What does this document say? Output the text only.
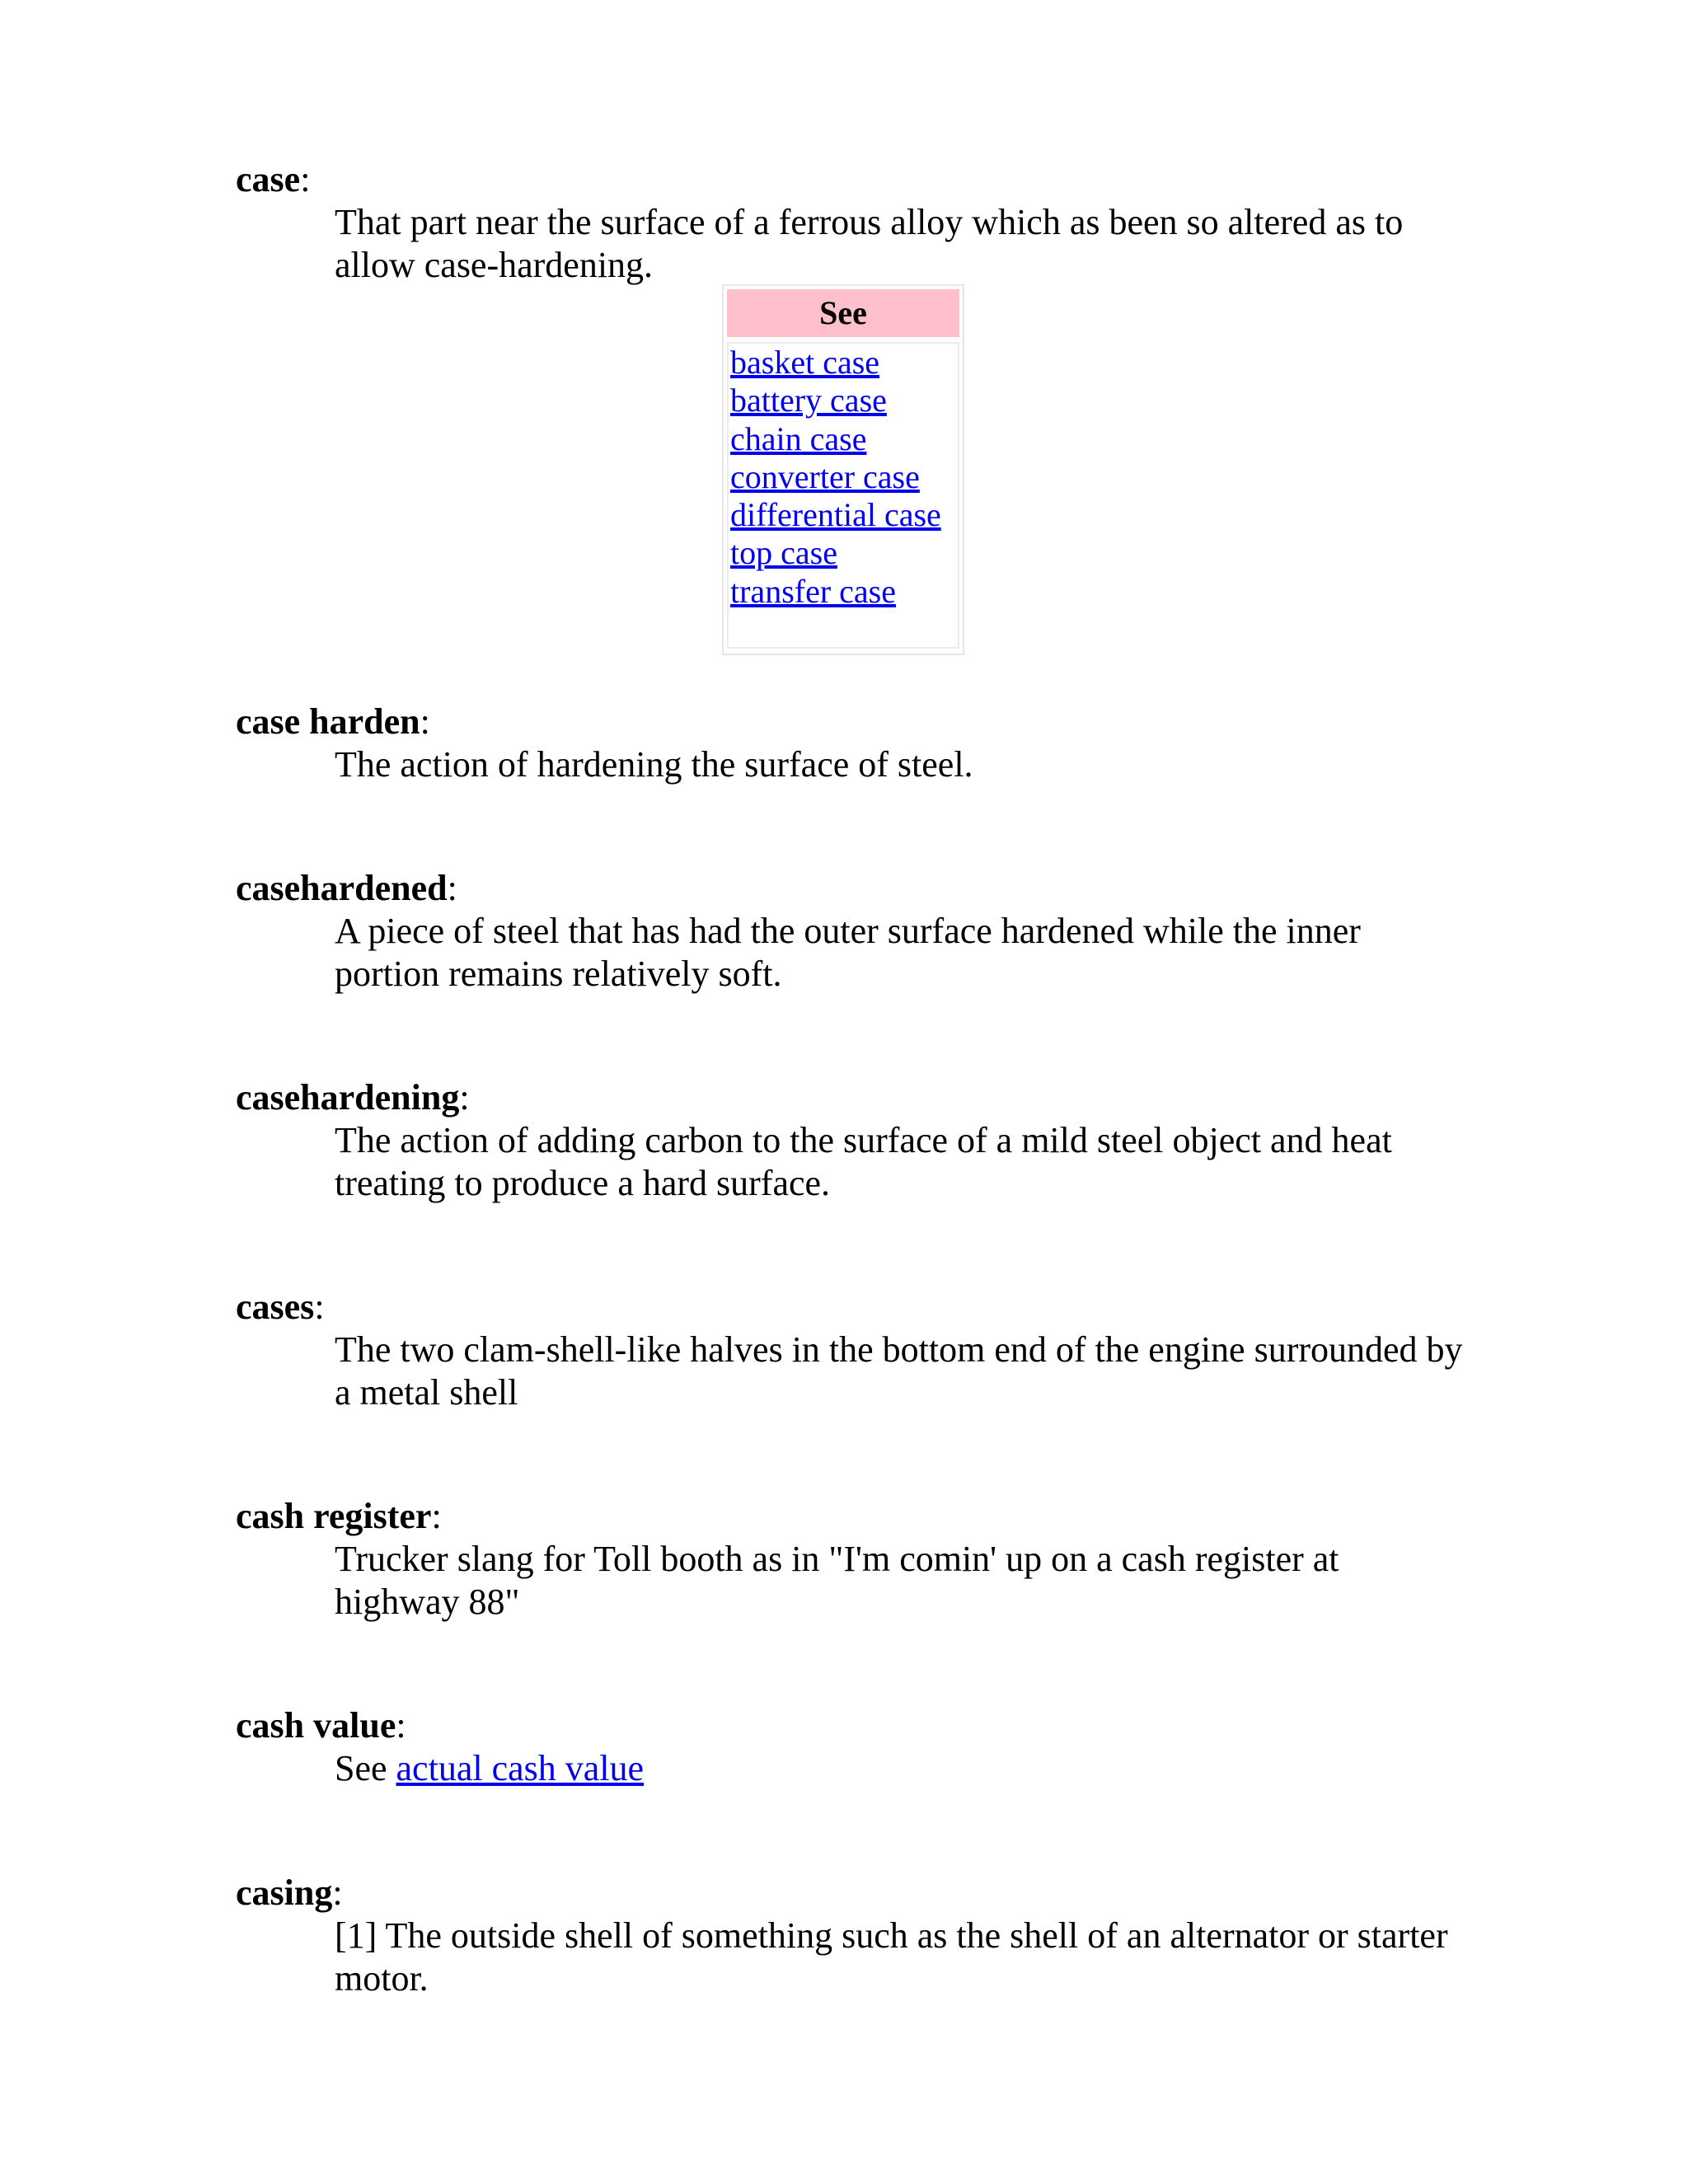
case:
That part near the surface of a ferrous alloy which as been so altered as to allow case-hardening.
See
basket case
battery case
chain case
converter case
differential case
top case
transfer case
case harden:
The action of hardening the surface of steel.
casehardened:
A piece of steel that has had the outer surface hardened while the inner portion remains relatively soft.
casehardening:
The action of adding carbon to the surface of a mild steel object and heat treating to produce a hard surface.
cases:
The two clam-shell-like halves in the bottom end of the engine surrounded by a metal shell
cash register:
Trucker slang for Toll booth as in "I'm comin' up on a cash register at highway 88"
cash value:
See actual cash value
casing:
[1] The outside shell of something such as the shell of an alternator or starter motor.
